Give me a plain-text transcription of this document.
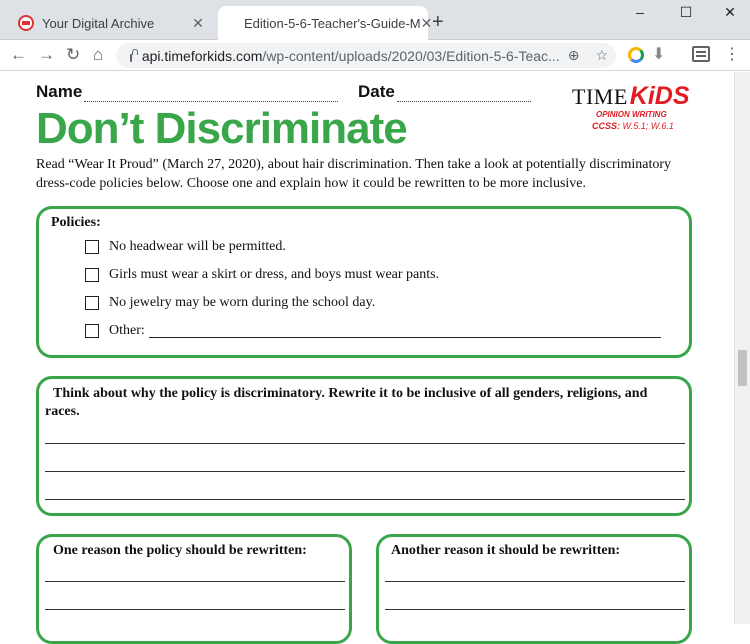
Your Digital Archive	✕	Edition-5-6-Teacher's-Guide-M ✕ +	–	☐	✕
← → ↻ ⌂	api.timeforkids.com/wp-content/uploads/2020/03/Edition-5-6-Teac... ⊕ ☆	⬇	⋮
Name	Date
Don’t Discriminate
TIMEKiDS
OPINION WRITING
CCSS: W.5.1; W.6.1
Read “Wear It Proud” (March 27, 2020), about hair discrimination. Then take a look at potentially discriminatory dress-code policies below. Choose one and explain how it could be rewritten to be more inclusive.
Policies:
No headwear will be permitted.
Girls must wear a skirt or dress, and boys must wear pants.
No jewelry may be worn during the school day.
Other:
Think about why the policy is discriminatory. Rewrite it to be inclusive of all genders, religions, and races.
One reason the policy should be rewritten:	Another reason it should be rewritten:
